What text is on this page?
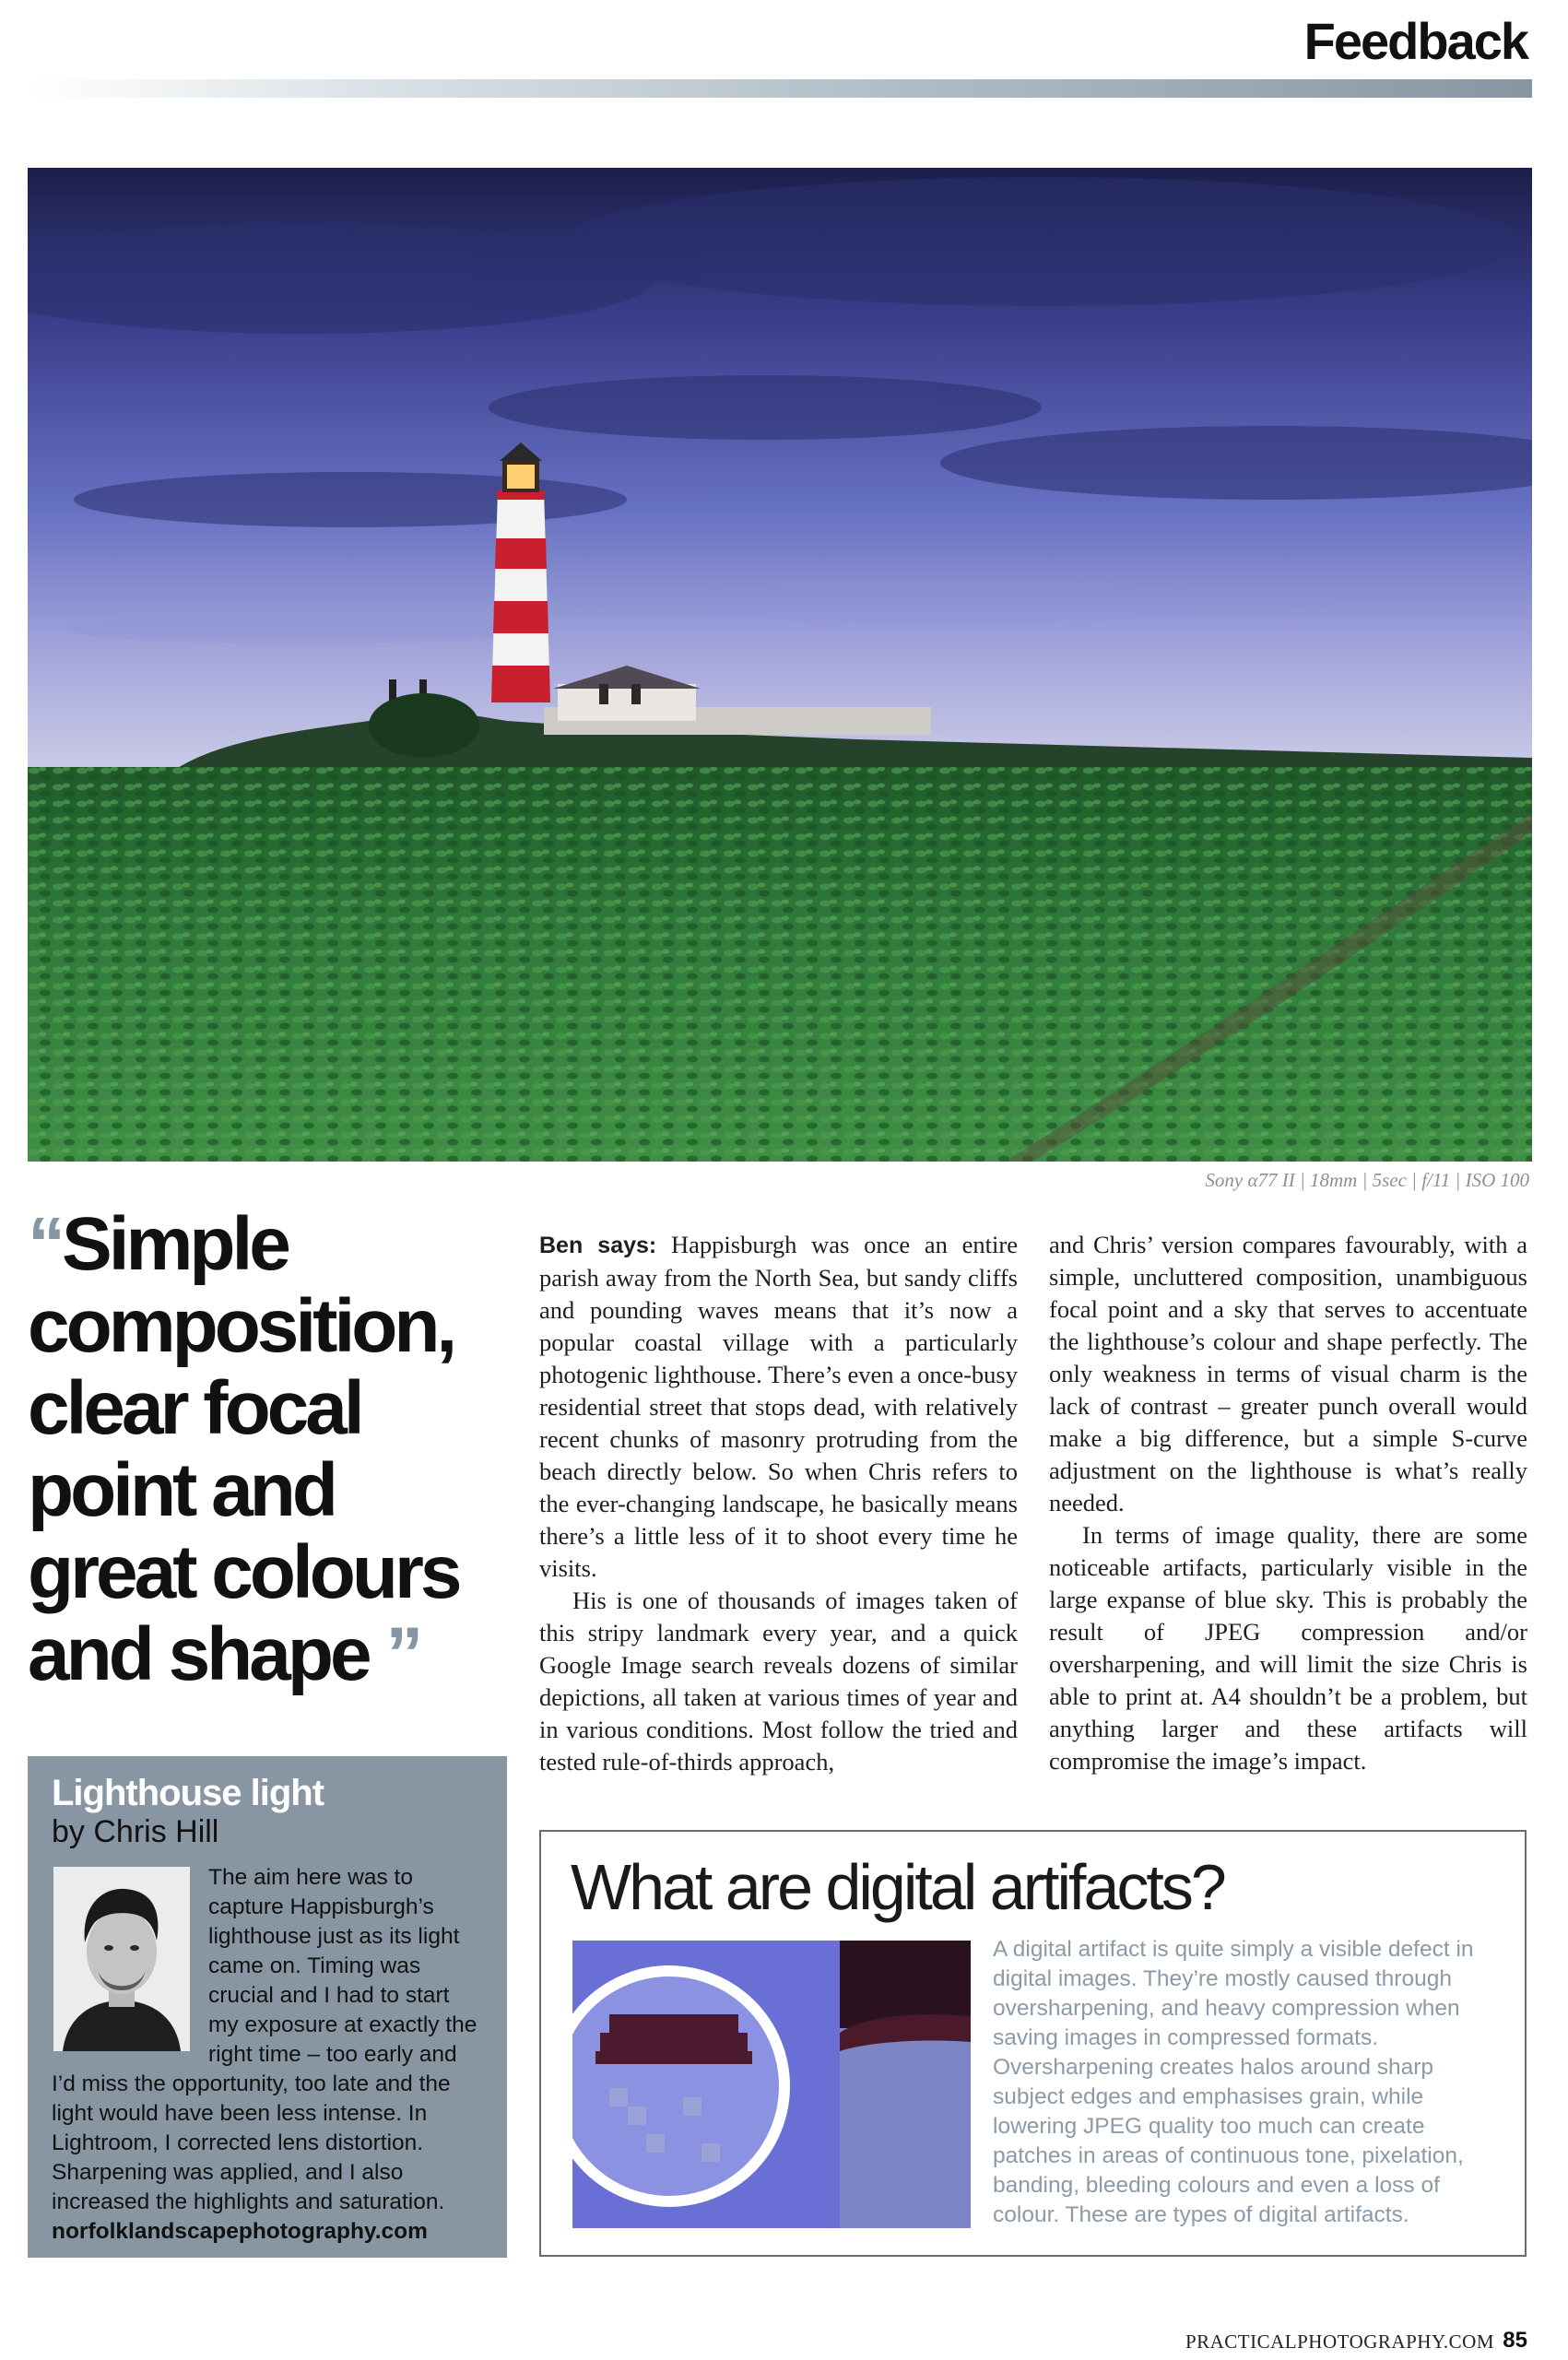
Feedback
Sony α77 II | 18mm | 5sec | f/11 | ISO 100
“Simple
composition,
clear focal
point and
great colours
and shape ”

Ben says: Happisburgh was once an entire parish away from the North Sea, but sandy cliffs and pounding waves means that it’s now a popular coastal village with a particularly photogenic lighthouse. There’s even a once-busy residential street that stops dead, with relatively recent chunks of masonry protruding from the beach directly below. So when Chris refers to the ever-changing landscape, he basically means there’s a little less of it to shoot every time he visits.

His is one of thousands of images taken of this stripy landmark every year, and a quick Google Image search reveals dozens of similar depictions, all taken at various times of year and in various conditions. Most follow the tried and tested rule-of-thirds approach,

and Chris’ version compares favourably, with a simple, uncluttered composition, unambiguous focal point and a sky that serves to accentuate the lighthouse’s colour and shape perfectly. The only weakness in terms of visual charm is the lack of contrast – greater punch overall would make a big difference, but a simple S-curve adjustment on the lighthouse is what’s really needed.

In terms of image quality, there are some noticeable artifacts, particularly visible in the large expanse of blue sky. This is probably the result of JPEG compression and/or oversharpening, and will limit the size Chris is able to print at. A4 shouldn’t be a problem, but anything larger and these artifacts will compromise the image’s impact.

Lighthouse light
by Chris Hill
The aim here was to capture Happisburgh’s lighthouse just as its light came on. Timing was crucial and I had to start my exposure at exactly the right time – too early and I’d miss the opportunity, too late and the light would have been less intense. In Lightroom, I corrected lens distortion. Sharpening was applied, and I also increased the highlights and saturation.
norfolklandscapephotography.com
What are digital artifacts?
A digital artifact is quite simply a visible defect in digital images. They’re mostly caused through oversharpening, and heavy compression when saving images in compressed formats. Oversharpening creates halos around sharp subject edges and emphasises grain, while lowering JPEG quality too much can create patches in areas of continuous tone, pixelation, banding, bleeding colours and even a loss of colour. These are types of digital artifacts.
PRACTICALPHOTOGRAPHY.COM 85
